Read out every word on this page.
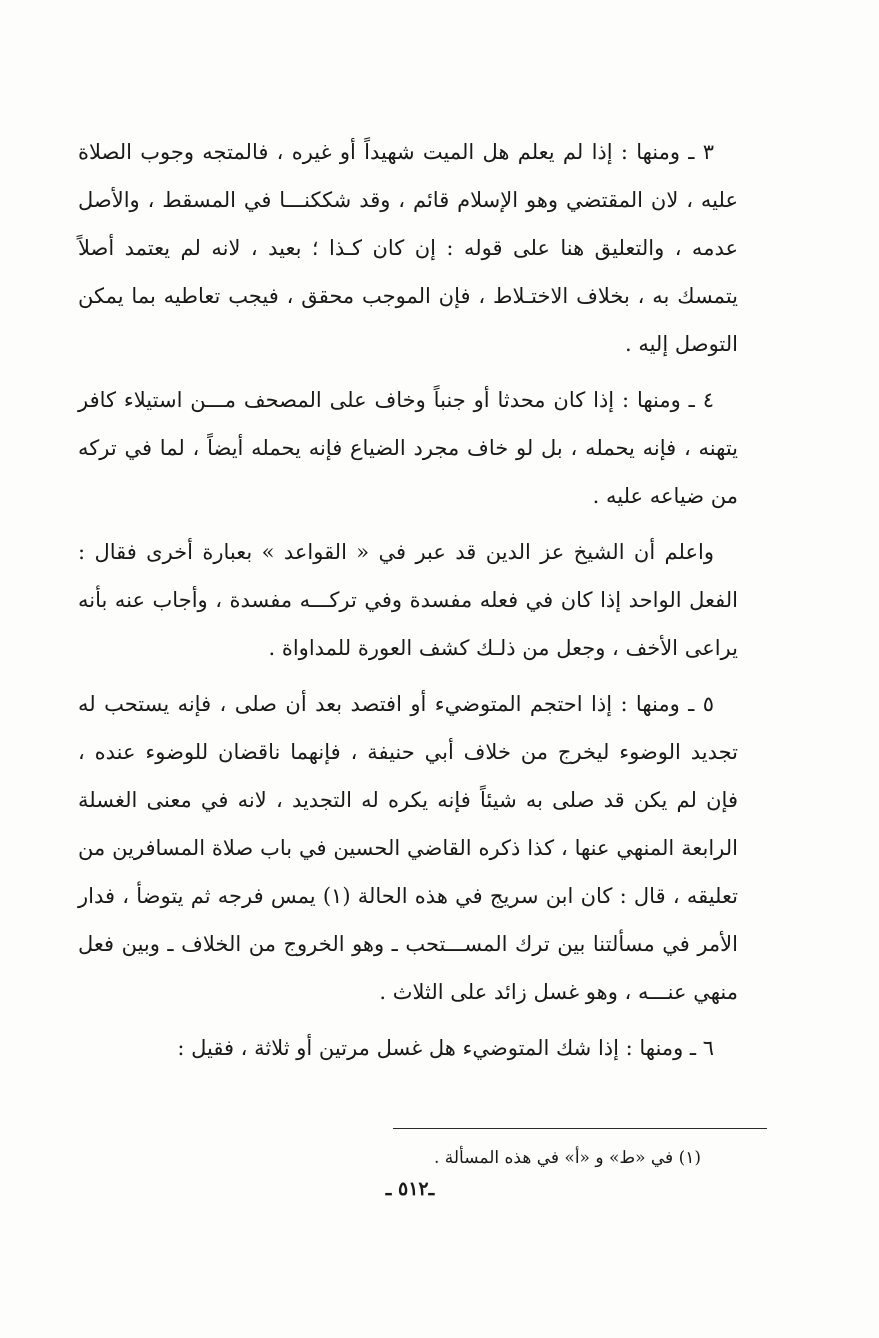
٣ ـ ومنها : إذا لم يعلم هل الميت شهيداً أو غيره ، فالمتجه وجوب الصلاة عليه ، لان المقتضي وهو الإسلام قائم ، وقد شككنـــا في المسقط ، والأصل عدمه ، والتعليق هنا على قوله : إن كان كـذا ؛ بعيد ، لانه لم يعتمد أصلاً يتمسك به ، بخلاف الاختـلاط ، فإن الموجب محقق ، فيجب تعاطيه بما يمكن التوصل إليه .

٤ ـ ومنها : إذا كان محدثا أو جنباً وخاف على المصحف مـــن استيلاء كافر يتهنه ، فإنه يحمله ، بل لو خاف مجرد الضياع فإنه يحمله أيضاً ، لما في تركه من ضياعه عليه .

واعلم أن الشيخ عز الدين قد عبر في « القواعد » بعبارة أخرى فقال : الفعل الواحد إذا كان في فعله مفسدة وفي تركـــه مفسدة ، وأجاب عنه بأنه يراعى الأخف ، وجعل من ذلـك كشف العورة للمداواة .

٥ ـ ومنها : إذا احتجم المتوضيء أو افتصد بعد أن صلى ، فإنه يستحب له تجديد الوضوء ليخرج من خلاف أبي حنيفة ، فإنهما ناقضان للوضوء عنده ، فإن لم يكن قد صلى به شيئاً فإنه يكره له التجديد ، لانه في معنى الغسلة الرابعة المنهي عنها ، كذا ذكره القاضي الحسين في باب صلاة المسافرين من تعليقه ، قال : كان ابن سريج في هذه الحالة (١) يمس فرجه ثم يتوضأ ، فدار الأمر في مسألتنا بين ترك المســـتحب ـ وهو الخروج من الخلاف ـ وبين فعل منهي عنـــه ، وهو غسل زائد على الثلاث .

٦ ـ ومنها : إذا شك المتوضيء هل غسل مرتين أو ثلاثة ، فقيل :

(١) في «ط» و «أ» في هذه المسألة .
ـ٥١٢ ـ
